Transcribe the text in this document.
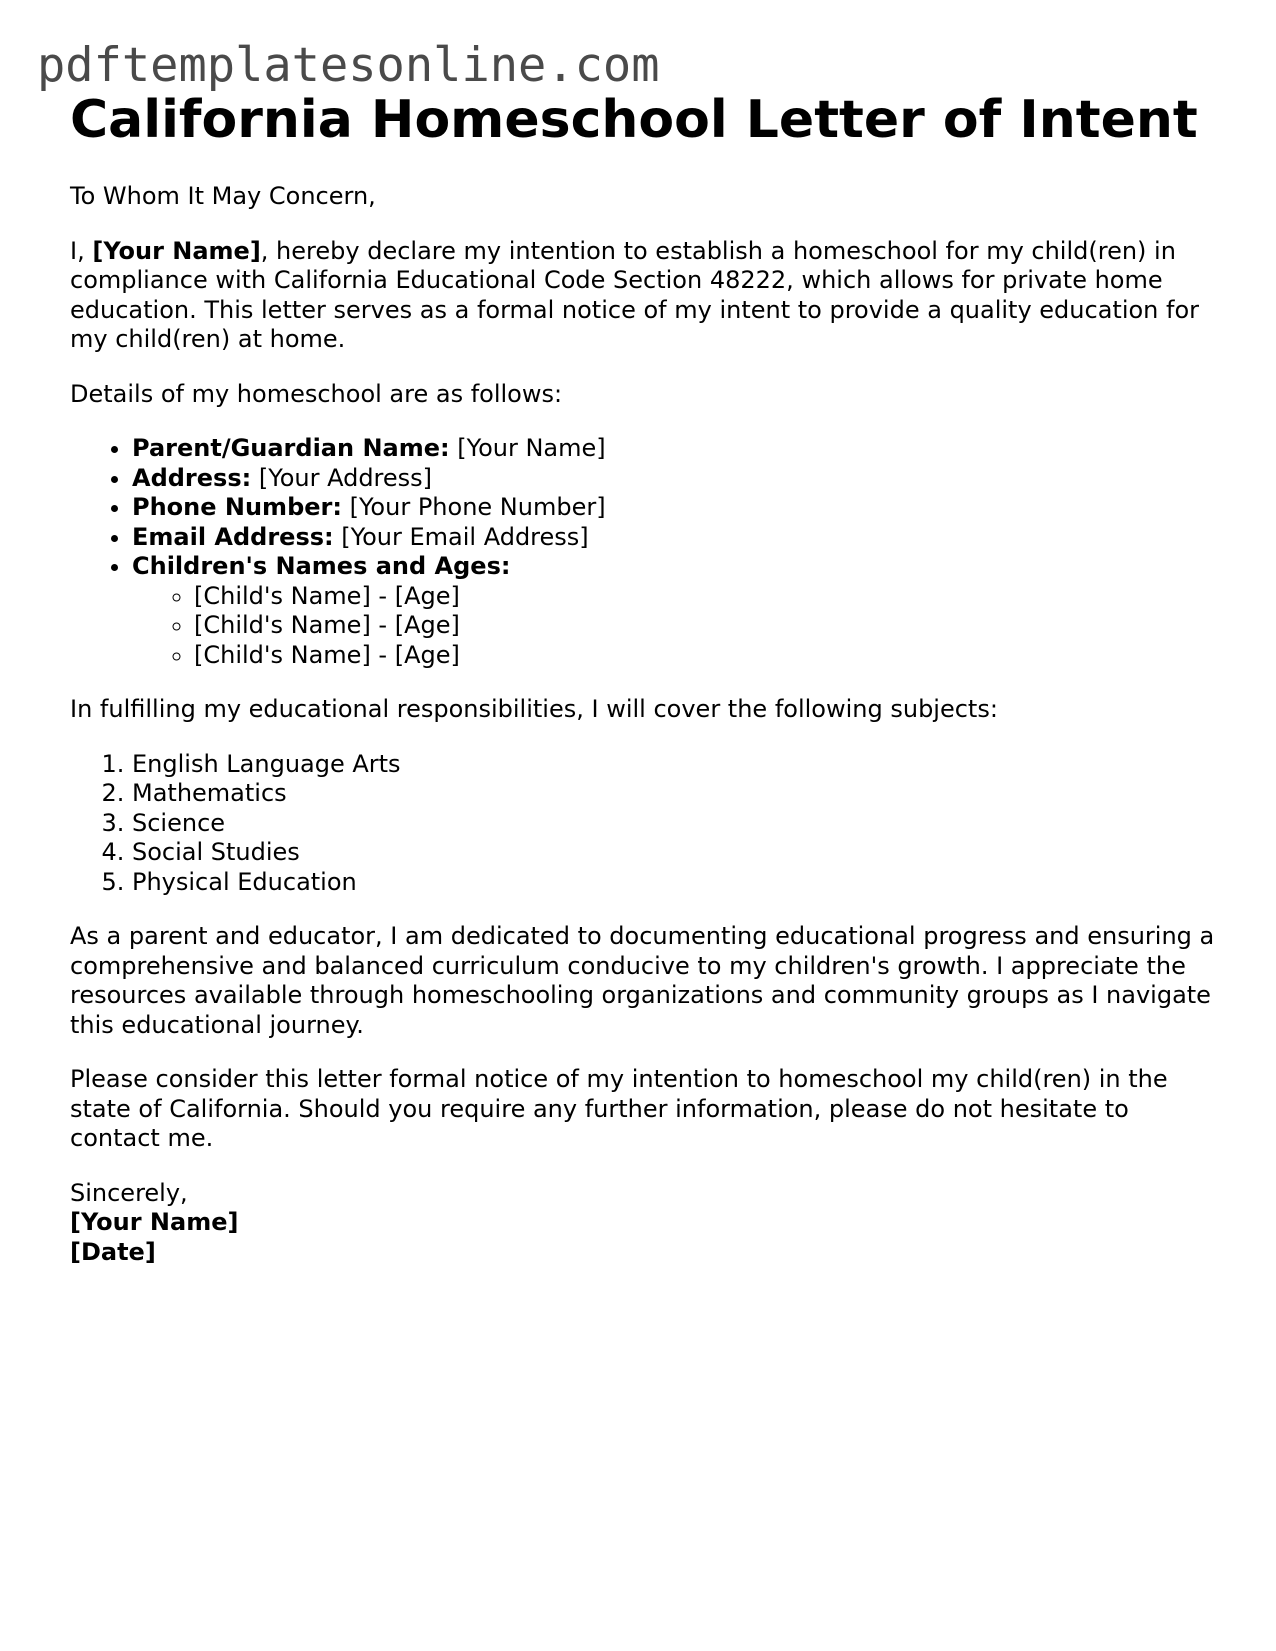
pdftemplatesonline.com
California Homeschool Letter of Intent

To Whom It May Concern,

I, [Your Name], hereby declare my intention to establish a homeschool for my child(ren) in compliance with California Educational Code Section 48222, which allows for private home education. This letter serves as a formal notice of my intent to provide a quality education for my child(ren) at home.

Details of my homeschool are as follows:

• Parent/Guardian Name: [Your Name]
• Address: [Your Address]
• Phone Number: [Your Phone Number]
• Email Address: [Your Email Address]
• Children's Names and Ages:
◦ [Child's Name] - [Age]
◦ [Child's Name] - [Age]
◦ [Child's Name] - [Age]

In fulfilling my educational responsibilities, I will cover the following subjects:

1. English Language Arts
2. Mathematics
3. Science
4. Social Studies
5. Physical Education

As a parent and educator, I am dedicated to documenting educational progress and ensuring a comprehensive and balanced curriculum conducive to my children's growth. I appreciate the resources available through homeschooling organizations and community groups as I navigate this educational journey.

Please consider this letter formal notice of my intention to homeschool my child(ren) in the state of California. Should you require any further information, please do not hesitate to contact me.

Sincerely,
[Your Name]
[Date]
